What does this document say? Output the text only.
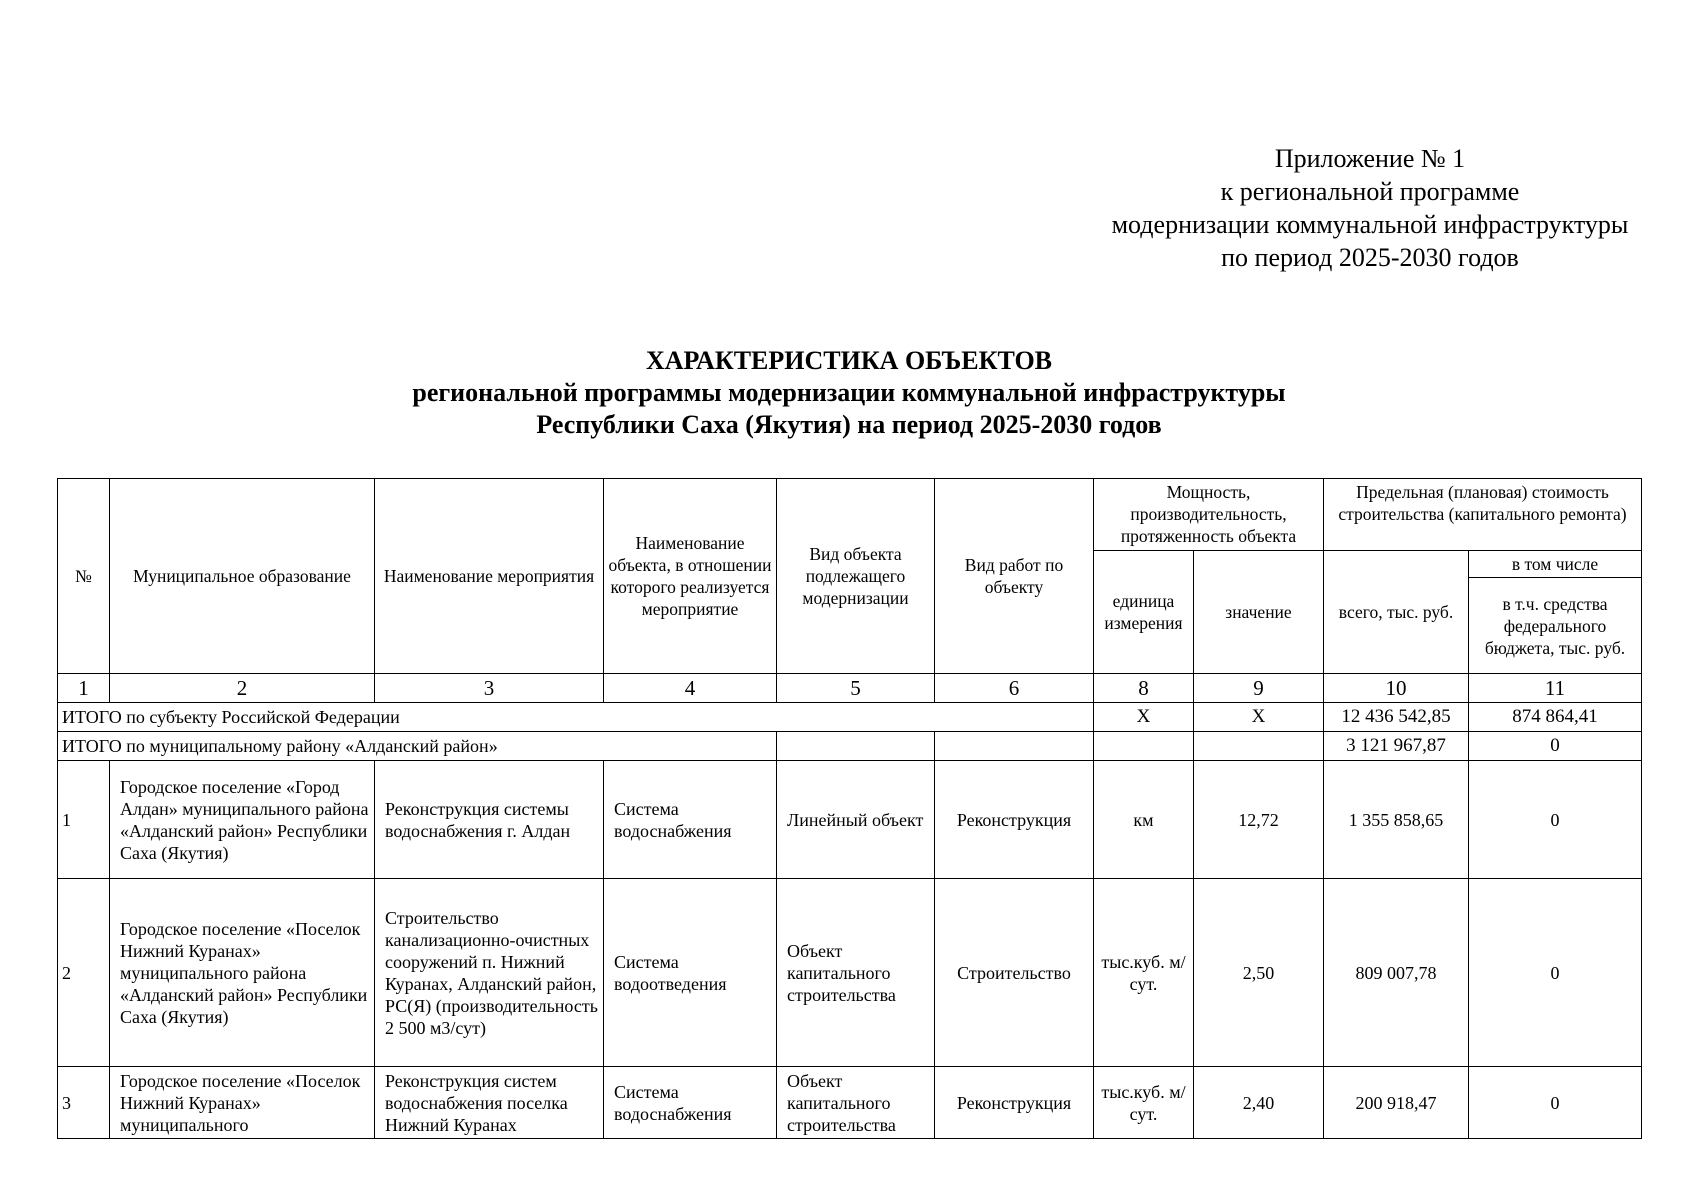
Приложение № 1
к региональной программе
модернизации коммунальной инфраструктуры
по период 2025-2030 годов
ХАРАКТЕРИСТИКА ОБЪЕКТОВ
региональной программы модернизации коммунальной инфраструктуры
Республики Саха (Якутия) на период 2025-2030 годов
№	Муниципальное образование	Наименование мероприятия	Наименование объекта, в отношении которого реализуется мероприятие	Вид объекта подлежащего модернизации	Вид работ по объекту	Мощность, производительность, протяженность объекта		Предельная (плановая) стоимость строительства (капитального ремонта)	
						единица измерения	значение	всего, тыс. руб.	в том числе
									в т.ч. средства федерального бюджета, тыс. руб.
1	2	3	4	5	6	8	9	10	11
ИТОГО по субъекту Российской Федерации						X	X	12 436 542,85	874 864,41
ИТОГО по муниципальному району «Алданский район»								3 121 967,87	0
1	Городское поселение «Город Алдан» муниципального района «Алданский район» Республики Саха (Якутия)	Реконструкция системы водоснабжения г. Алдан	Система водоснабжения	Линейный объект	Реконструкция	км	12,72	1 355 858,65	0
2	Городское поселение «Поселок Нижний Куранах» муниципального района «Алданский район» Республики Саха (Якутия)	Строительство канализационно-очистных сооружений п. Нижний Куранах, Алданский район, РС(Я) (производительность 2 500 м3/сут)	Система водоотведения	Объект капитального строительства	Строительство	тыс.куб. м/сут.	2,50	809 007,78	0
3	Городское поселение «Поселок Нижний Куранах» муниципального	Реконструкция систем водоснабжения поселка Нижний Куранах	Система водоснабжения	Объект капитального строительства	Реконструкция	тыс.куб. м/сут.	2,40	200 918,47	0
